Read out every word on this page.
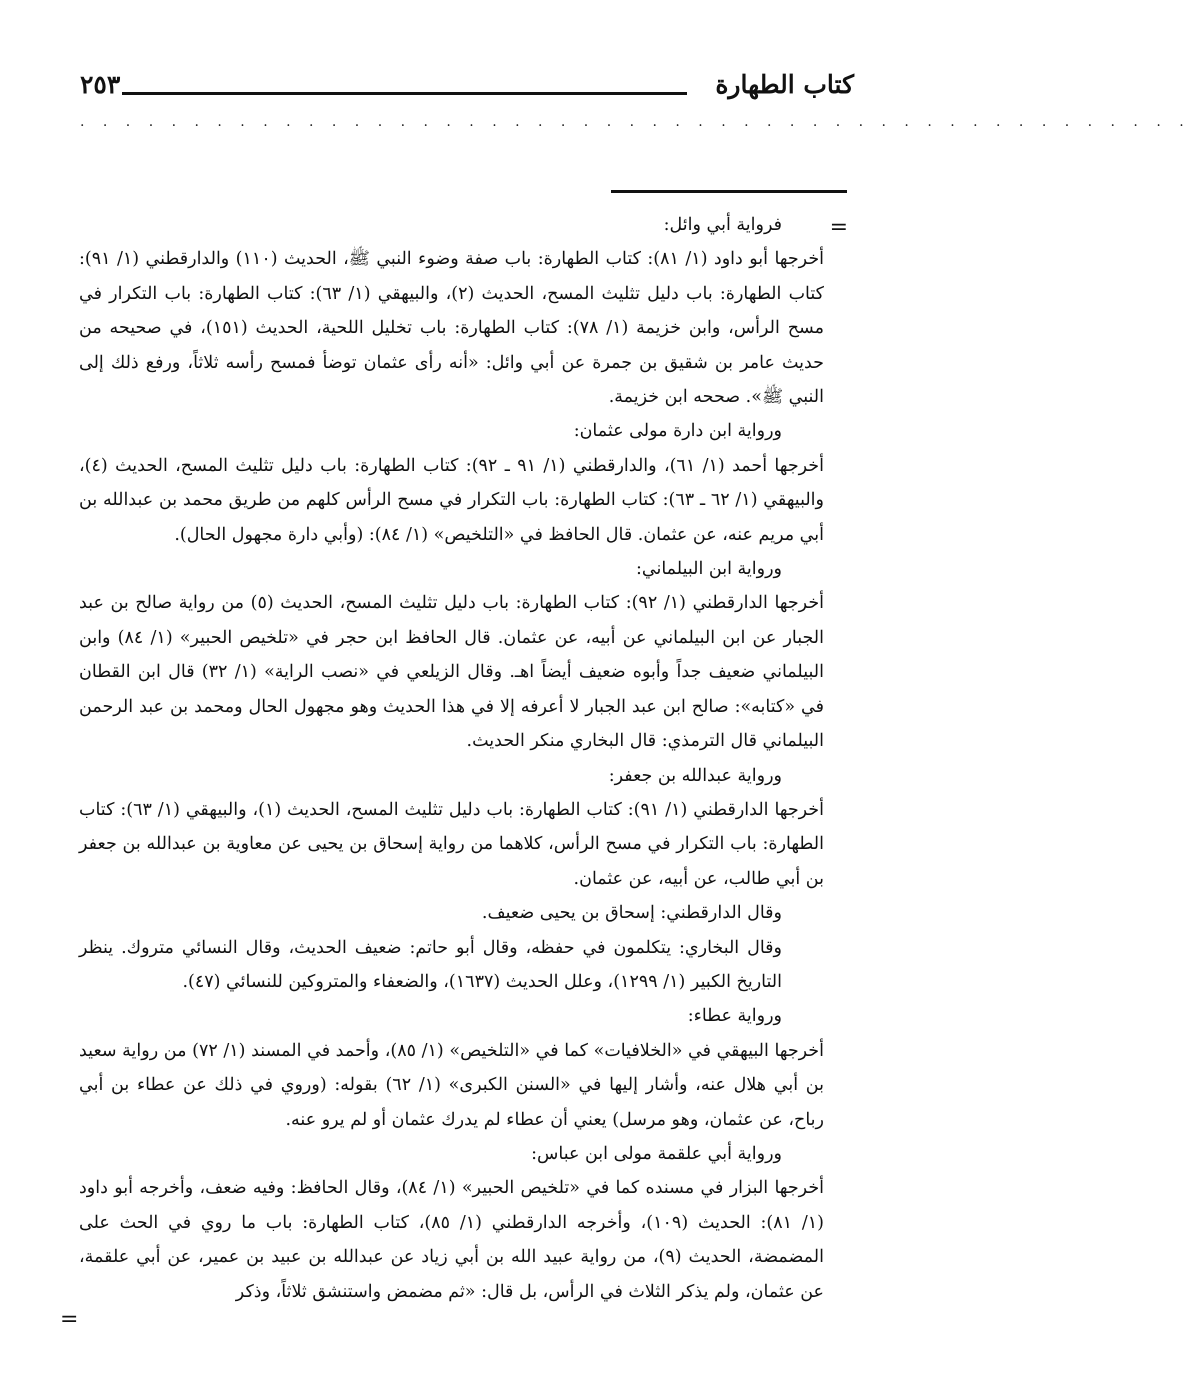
كتاب الطهارة
٢٥٣
. . . . . . . . . . . . . . . . . . . . . . . . . . . . . . . . . . . . . . . . . . . . . . . . .
=

فرواية أبي وائل:

أخرجها أبو داود (١/ ٨١): كتاب الطهارة: باب صفة وضوء النبي ﷺ، الحديث (١١٠) والدارقطني (١/ ٩١): كتاب الطهارة: باب دليل تثليث المسح، الحديث (٢)، والبيهقي (١/ ٦٣): كتاب الطهارة: باب التكرار في مسح الرأس، وابن خزيمة (١/ ٧٨): كتاب الطهارة: باب تخليل اللحية، الحديث (١٥١)، في صحيحه من حديث عامر بن شقيق بن جمرة عن أبي وائل: «أنه رأى عثمان توضأ فمسح رأسه ثلاثاً، ورفع ذلك إلى النبي ﷺ». صححه ابن خزيمة.

ورواية ابن دارة مولى عثمان:

أخرجها أحمد (١/ ٦١)، والدارقطني (١/ ٩١ ـ ٩٢): كتاب الطهارة: باب دليل تثليث المسح، الحديث (٤)، والبيهقي (١/ ٦٢ ـ ٦٣): كتاب الطهارة: باب التكرار في مسح الرأس كلهم من طريق محمد بن عبدالله بن أبي مريم عنه، عن عثمان. قال الحافظ في «التلخيص» (١/ ٨٤): (وأبي دارة مجهول الحال).

ورواية ابن البيلماني:

أخرجها الدارقطني (١/ ٩٢): كتاب الطهارة: باب دليل تثليث المسح، الحديث (٥) من رواية صالح بن عبد الجبار عن ابن البيلماني عن أبيه، عن عثمان. قال الحافظ ابن حجر في «تلخيص الحبير» (١/ ٨٤) وابن البيلماني ضعيف جداً وأبوه ضعيف أيضاً اهـ. وقال الزيلعي في «نصب الراية» (١/ ٣٢) قال ابن القطان في «كتابه»: صالح ابن عبد الجبار لا أعرفه إلا في هذا الحديث وهو مجهول الحال ومحمد بن عبد الرحمن البيلماني قال الترمذي: قال البخاري منكر الحديث.

ورواية عبدالله بن جعفر:

أخرجها الدارقطني (١/ ٩١): كتاب الطهارة: باب دليل تثليث المسح، الحديث (١)، والبيهقي (١/ ٦٣): كتاب الطهارة: باب التكرار في مسح الرأس، كلاهما من رواية إسحاق بن يحيى عن معاوية بن عبدالله بن جعفر بن أبي طالب، عن أبيه، عن عثمان.

وقال الدارقطني: إسحاق بن يحيى ضعيف.

وقال البخاري: يتكلمون في حفظه، وقال أبو حاتم: ضعيف الحديث، وقال النسائي متروك. ينظر التاريخ الكبير (١/ ١٢٩٩)، وعلل الحديث (١٦٣٧)، والضعفاء والمتروكين للنسائي (٤٧).

ورواية عطاء:

أخرجها البيهقي في «الخلافيات» كما في «التلخيص» (١/ ٨٥)، وأحمد في المسند (١/ ٧٢) من رواية سعيد بن أبي هلال عنه، وأشار إليها في «السنن الكبرى» (١/ ٦٢) بقوله: (وروي في ذلك عن عطاء بن أبي رباح، عن عثمان، وهو مرسل) يعني أن عطاء لم يدرك عثمان أو لم يرو عنه.

ورواية أبي علقمة مولى ابن عباس:

أخرجها البزار في مسنده كما في «تلخيص الحبير» (١/ ٨٤)، وقال الحافظ: وفيه ضعف، وأخرجه أبو داود (١/ ٨١): الحديث (١٠٩)، وأخرجه الدارقطني (١/ ٨٥)، كتاب الطهارة: باب ما روي في الحث على المضمضة، الحديث (٩)، من رواية عبيد الله بن أبي زياد عن عبدالله بن عبيد بن عمير، عن أبي علقمة، عن عثمان، ولم يذكر الثلاث في الرأس، بل قال: «ثم مضمض واستنشق ثلاثاً، وذكر

=
